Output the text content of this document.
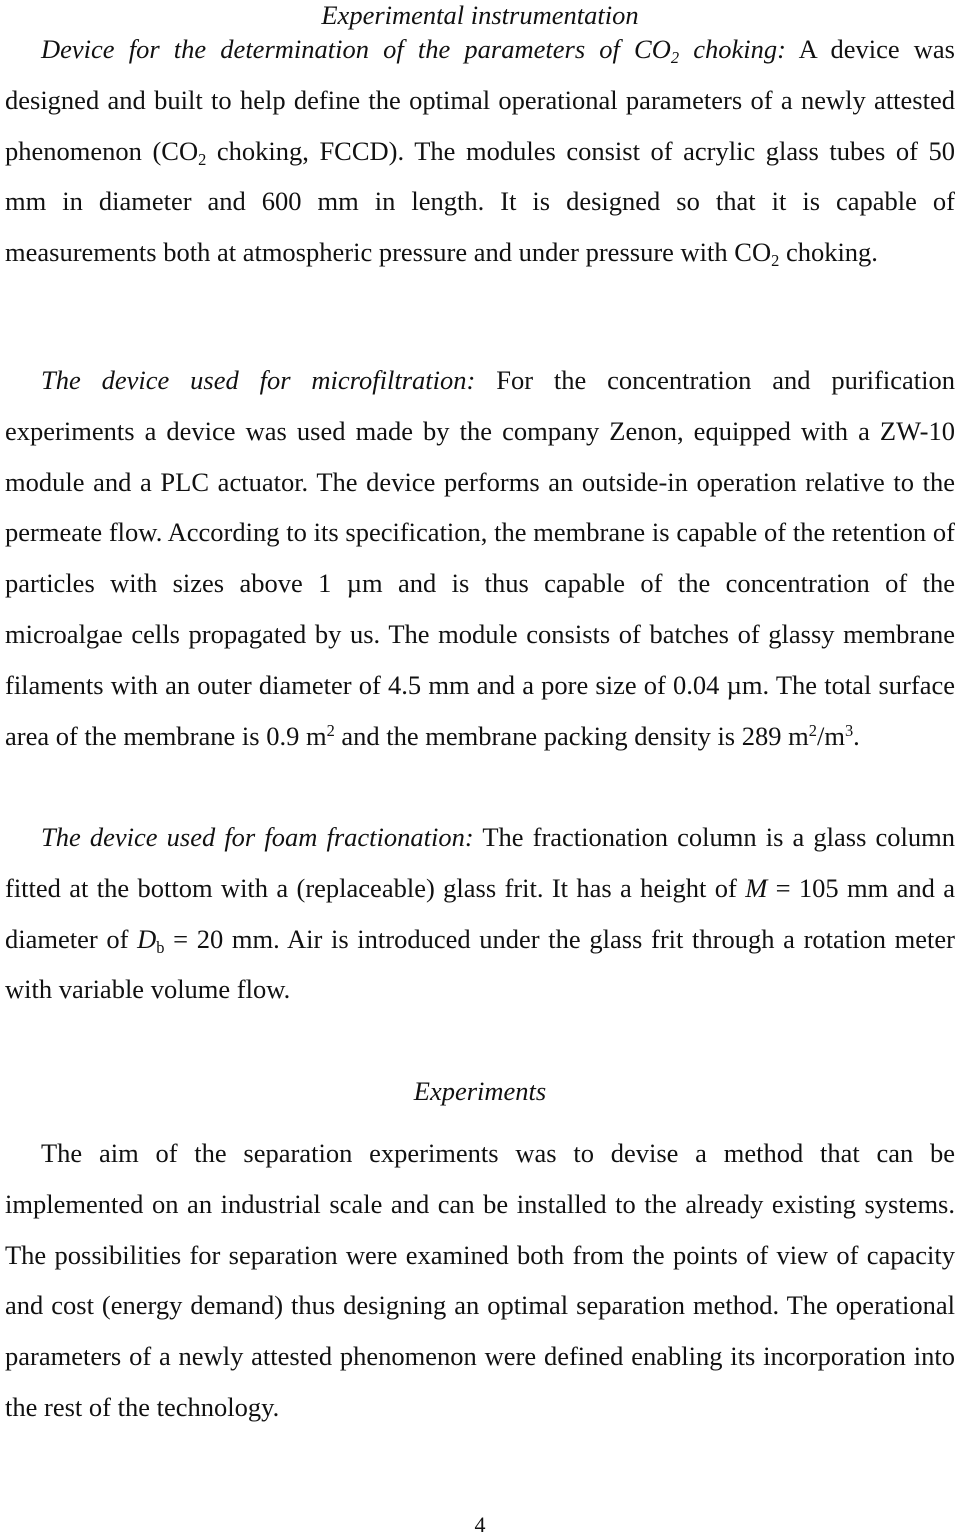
Experimental instrumentation
Device for the determination of the parameters of $CO_2$ choking: A device was designed and built to help define the optimal operational parameters of a newly attested phenomenon ($CO_2$ choking, FCCD). The modules consist of acrylic glass tubes of 50 mm in diameter and 600 mm in length. It is designed so that it is capable of measurements both at atmospheric pressure and under pressure with $CO_2$ choking.
The device used for microfiltration: For the concentration and purification experiments a device was used made by the company Zenon, equipped with a ZW-10 module and a PLC actuator. The device performs an outside-in operation relative to the permeate flow. According to its specification, the membrane is capable of the retention of particles with sizes above 1 µm and is thus capable of the concentration of the microalgae cells propagated by us. The module consists of batches of glassy membrane filaments with an outer diameter of 4.5 mm and a pore size of 0.04 µm. The total surface area of the membrane is 0.9 $m^2$ and the membrane packing density is 289 $m^2/m^3$.
The device used for foam fractionation: The fractionation column is a glass column fitted at the bottom with a (replaceable) glass frit. It has a height of M = 105 mm and a diameter of $D_b = 20$ mm. Air is introduced under the glass frit through a rotation meter with variable volume flow.
Experiments
The aim of the separation experiments was to devise a method that can be implemented on an industrial scale and can be installed to the already existing systems. The possibilities for separation were examined both from the points of view of capacity and cost (energy demand) thus designing an optimal separation method. The operational parameters of a newly attested phenomenon were defined enabling its incorporation into the rest of the technology.
4
